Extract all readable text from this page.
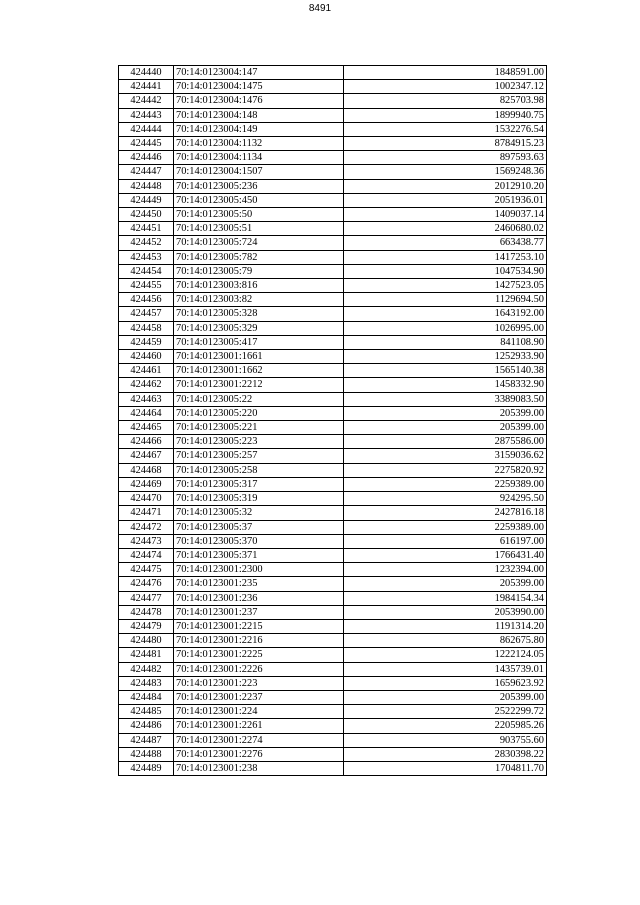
8491
424440	70:14:0123004:147	1848591.00
424441	70:14:0123004:1475	1002347.12
424442	70:14:0123004:1476	825703.98
424443	70:14:0123004:148	1899940.75
424444	70:14:0123004:149	1532276.54
424445	70:14:0123004:1132	8784915.23
424446	70:14:0123004:1134	897593.63
424447	70:14:0123004:1507	1569248.36
424448	70:14:0123005:236	2012910.20
424449	70:14:0123005:450	2051936.01
424450	70:14:0123005:50	1409037.14
424451	70:14:0123005:51	2460680.02
424452	70:14:0123005:724	663438.77
424453	70:14:0123005:782	1417253.10
424454	70:14:0123005:79	1047534.90
424455	70:14:0123003:816	1427523.05
424456	70:14:0123003:82	1129694.50
424457	70:14:0123005:328	1643192.00
424458	70:14:0123005:329	1026995.00
424459	70:14:0123005:417	841108.90
424460	70:14:0123001:1661	1252933.90
424461	70:14:0123001:1662	1565140.38
424462	70:14:0123001:2212	1458332.90
424463	70:14:0123005:22	3389083.50
424464	70:14:0123005:220	205399.00
424465	70:14:0123005:221	205399.00
424466	70:14:0123005:223	2875586.00
424467	70:14:0123005:257	3159036.62
424468	70:14:0123005:258	2275820.92
424469	70:14:0123005:317	2259389.00
424470	70:14:0123005:319	924295.50
424471	70:14:0123005:32	2427816.18
424472	70:14:0123005:37	2259389.00
424473	70:14:0123005:370	616197.00
424474	70:14:0123005:371	1766431.40
424475	70:14:0123001:2300	1232394.00
424476	70:14:0123001:235	205399.00
424477	70:14:0123001:236	1984154.34
424478	70:14:0123001:237	2053990.00
424479	70:14:0123001:2215	1191314.20
424480	70:14:0123001:2216	862675.80
424481	70:14:0123001:2225	1222124.05
424482	70:14:0123001:2226	1435739.01
424483	70:14:0123001:223	1659623.92
424484	70:14:0123001:2237	205399.00
424485	70:14:0123001:224	2522299.72
424486	70:14:0123001:2261	2205985.26
424487	70:14:0123001:2274	903755.60
424488	70:14:0123001:2276	2830398.22
424489	70:14:0123001:238	1704811.70
